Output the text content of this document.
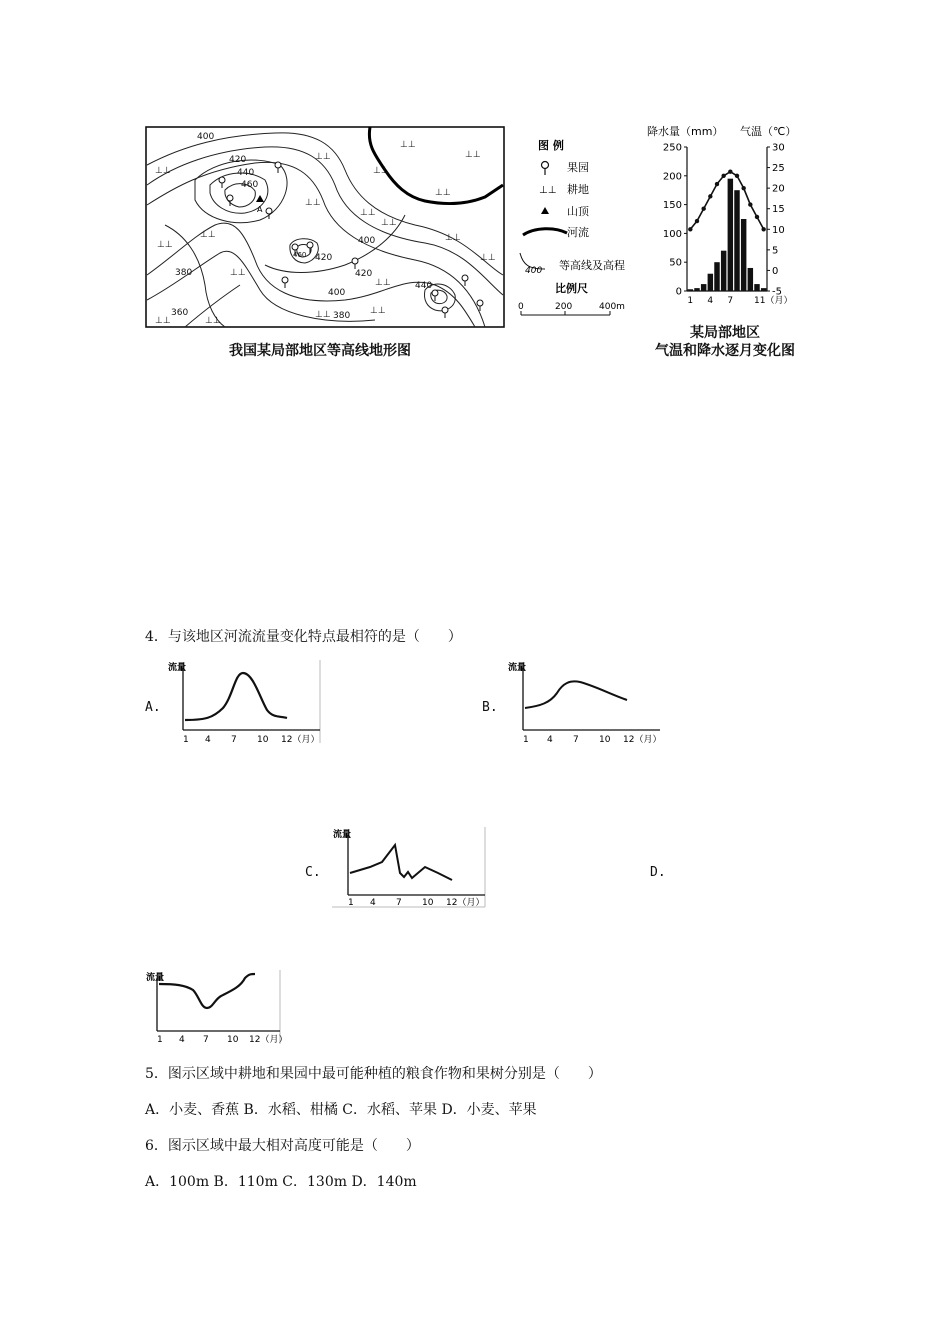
A
400
420
440
460
400
420
380
360
400
420
440
460
380
⊥⊥
⊥⊥
⊥⊥
⊥⊥
⊥⊥
⊥⊥
⊥⊥
⊥⊥
⊥⊥
⊥⊥
⊥⊥
⊥⊥
⊥⊥
⊥⊥
⊥⊥
⊥⊥
⊥⊥
⊥⊥	⊥⊥
我国某局部地区等高线地形图
图 例
果园
⊥⊥ 耕地
山顶
河流
400 等高线及高程
比例尺
0	200	400m
降水量（mm） 气温（℃）
0
50
100
150
200
250
-5
0
5
10
15
20
25
30
1 4 7 11（月）
某局部地区
气温和降水逐月变化图
4．与该地区河流流量变化特点最相符的是（　　）
A.
流量
1 4 7 10 12（月）
B.
流量
1 4 7 10 12（月）
C.
流量
1 4 7 10 12（月）
D.
流量
1 4 7 10 12（月）
5．图示区域中耕地和果园中最可能种植的粮食作物和果树分别是（　　）
A．小麦、香蕉 B．水稻、柑橘 C．水稻、苹果 D．小麦、苹果
6．图示区域中最大相对高度可能是（　　）
A．100m B．110m C．130m D．140m
